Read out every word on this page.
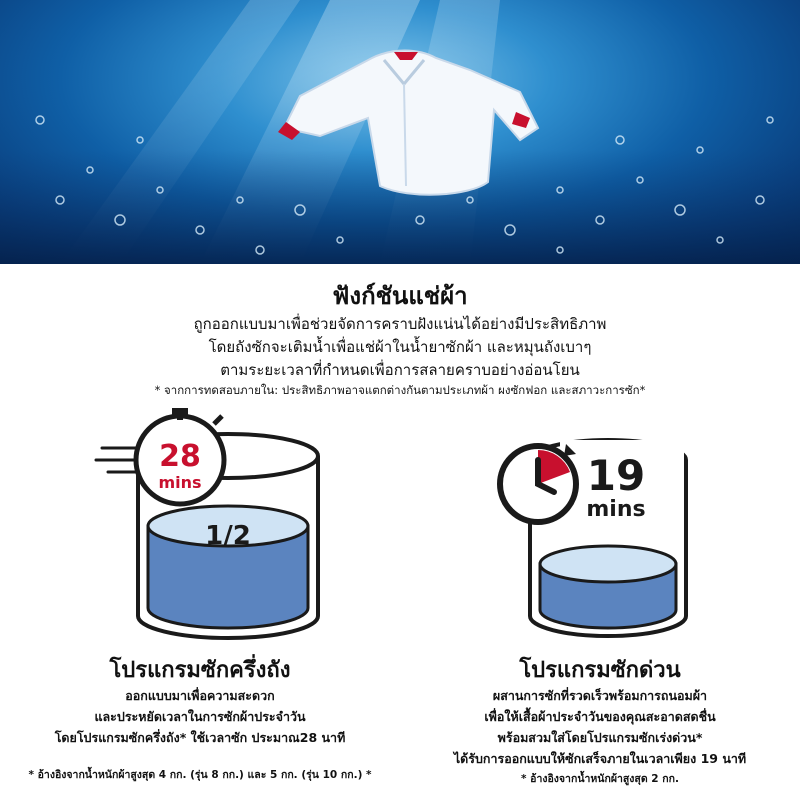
ฟังก์ชันแช่ผ้า

ถูกออกแบบมาเพื่อช่วยจัดการคราบฝังแน่นได้อย่างมีประสิทธิภาพ

โดยถังซักจะเติมน้ำเพื่อแช่ผ้าในน้ำยาซักผ้า และหมุนถังเบาๆ

ตามระยะเวลาที่กำหนดเพื่อการสลายคราบอย่างอ่อนโยน

* จากการทดสอบภายใน: ประสิทธิภาพอาจแตกต่างกันตามประเภทผ้า ผงซักฟอก และสภาวะการซัก*

1/2
28
mins	19
mins
โปรแกรมซักครึ่งถัง

ออกแบบมาเพื่อความสะดวก

และประหยัดเวลาในการซักผ้าประจำวัน

โดยโปรแกรมซักครึ่งถัง* ใช้เวลาซัก ประมาณ28 นาที

* อ้างอิงจากน้ำหนักผ้าสูงสุด 4 กก. (รุ่น 8 กก.) และ 5 กก. (รุ่น 10 กก.) *

โปรแกรมซักด่วน

ผสานการซักที่รวดเร็วพร้อมการถนอมผ้า

เพื่อให้เสื้อผ้าประจำวันของคุณสะอาดสดชื่น

พร้อมสวมใส่โดยโปรแกรมซักเร่งด่วน*

ได้รับการออกแบบให้ซักเสร็จภายในเวลาเพียง 19 นาที

* อ้างอิงจากน้ำหนักผ้าสูงสุด 2 กก.
